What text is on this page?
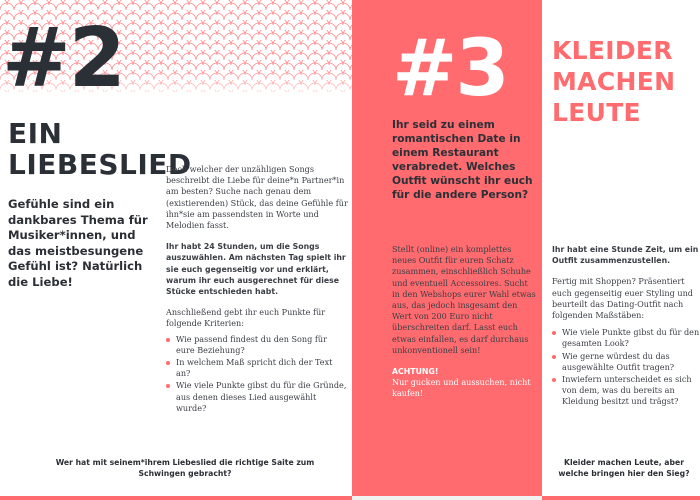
#2
EIN
LIEBESLIED

Gefühle sind ein dankbares Thema für Musiker*innen, und das meistbesungene Gefühl ist? Natürlich die Liebe!

Doch welcher der unzähligen Songs beschreibt die Liebe für deine*n Partner*in am besten? Suche nach genau dem (existierenden) Stück, das deine Gefühle für ihn*sie am passendsten in Worte und Melodien fasst.

Ihr habt 24 Stunden, um die Songs auszuwählen. Am nächsten Tag spielt ihr sie euch gegenseitig vor und erklärt, warum ihr euch ausgerechnet für diese Stücke entschieden habt.

Anschließend gebt ihr euch Punkte für folgende Kriterien:

Wie passend findest du den Song für eure Beziehung?
In welchem Maß spricht dich der Text an?
Wie viele Punkte gibst du für die Gründe, aus denen dieses Lied ausgewählt wurde?
Wer hat mit seinem*ihrem Liebeslied die richtige Saite zum Schwingen gebracht?
#3

Ihr seid zu einem romantischen Date in einem Restaurant verabredet. Welches Outfit wünscht ihr euch für die andere Person?

Stellt (online) ein komplettes neues Outfit für euren Schatz zusammen, einschließlich Schuhe und eventuell Accessoires. Sucht in den Webshops eurer Wahl etwas aus, das jedoch insgesamt den Wert von 200 Euro nicht überschreiten darf. Lasst euch etwas einfallen, es darf durchaus unkonventionell sein!

ACHTUNG!
Nur gucken und aussuchen, nicht kaufen!

KLEIDER
MACHEN
LEUTE

Ihr habt eine Stunde Zeit, um ein Outfit zusammenzustellen.

Fertig mit Shoppen? Präsentiert euch gegenseitig euer Styling und beurteilt das Dating-Outfit nach folgenden Maßstäben:

Wie viele Punkte gibst du für den gesamten Look?
Wie gerne würdest du das ausgewählte Outfit tragen?
Inwiefern unterscheidet es sich von dem, was du bereits an Kleidung besitzt und trägst?
Kleider machen Leute, aber welche bringen hier den Sieg?
